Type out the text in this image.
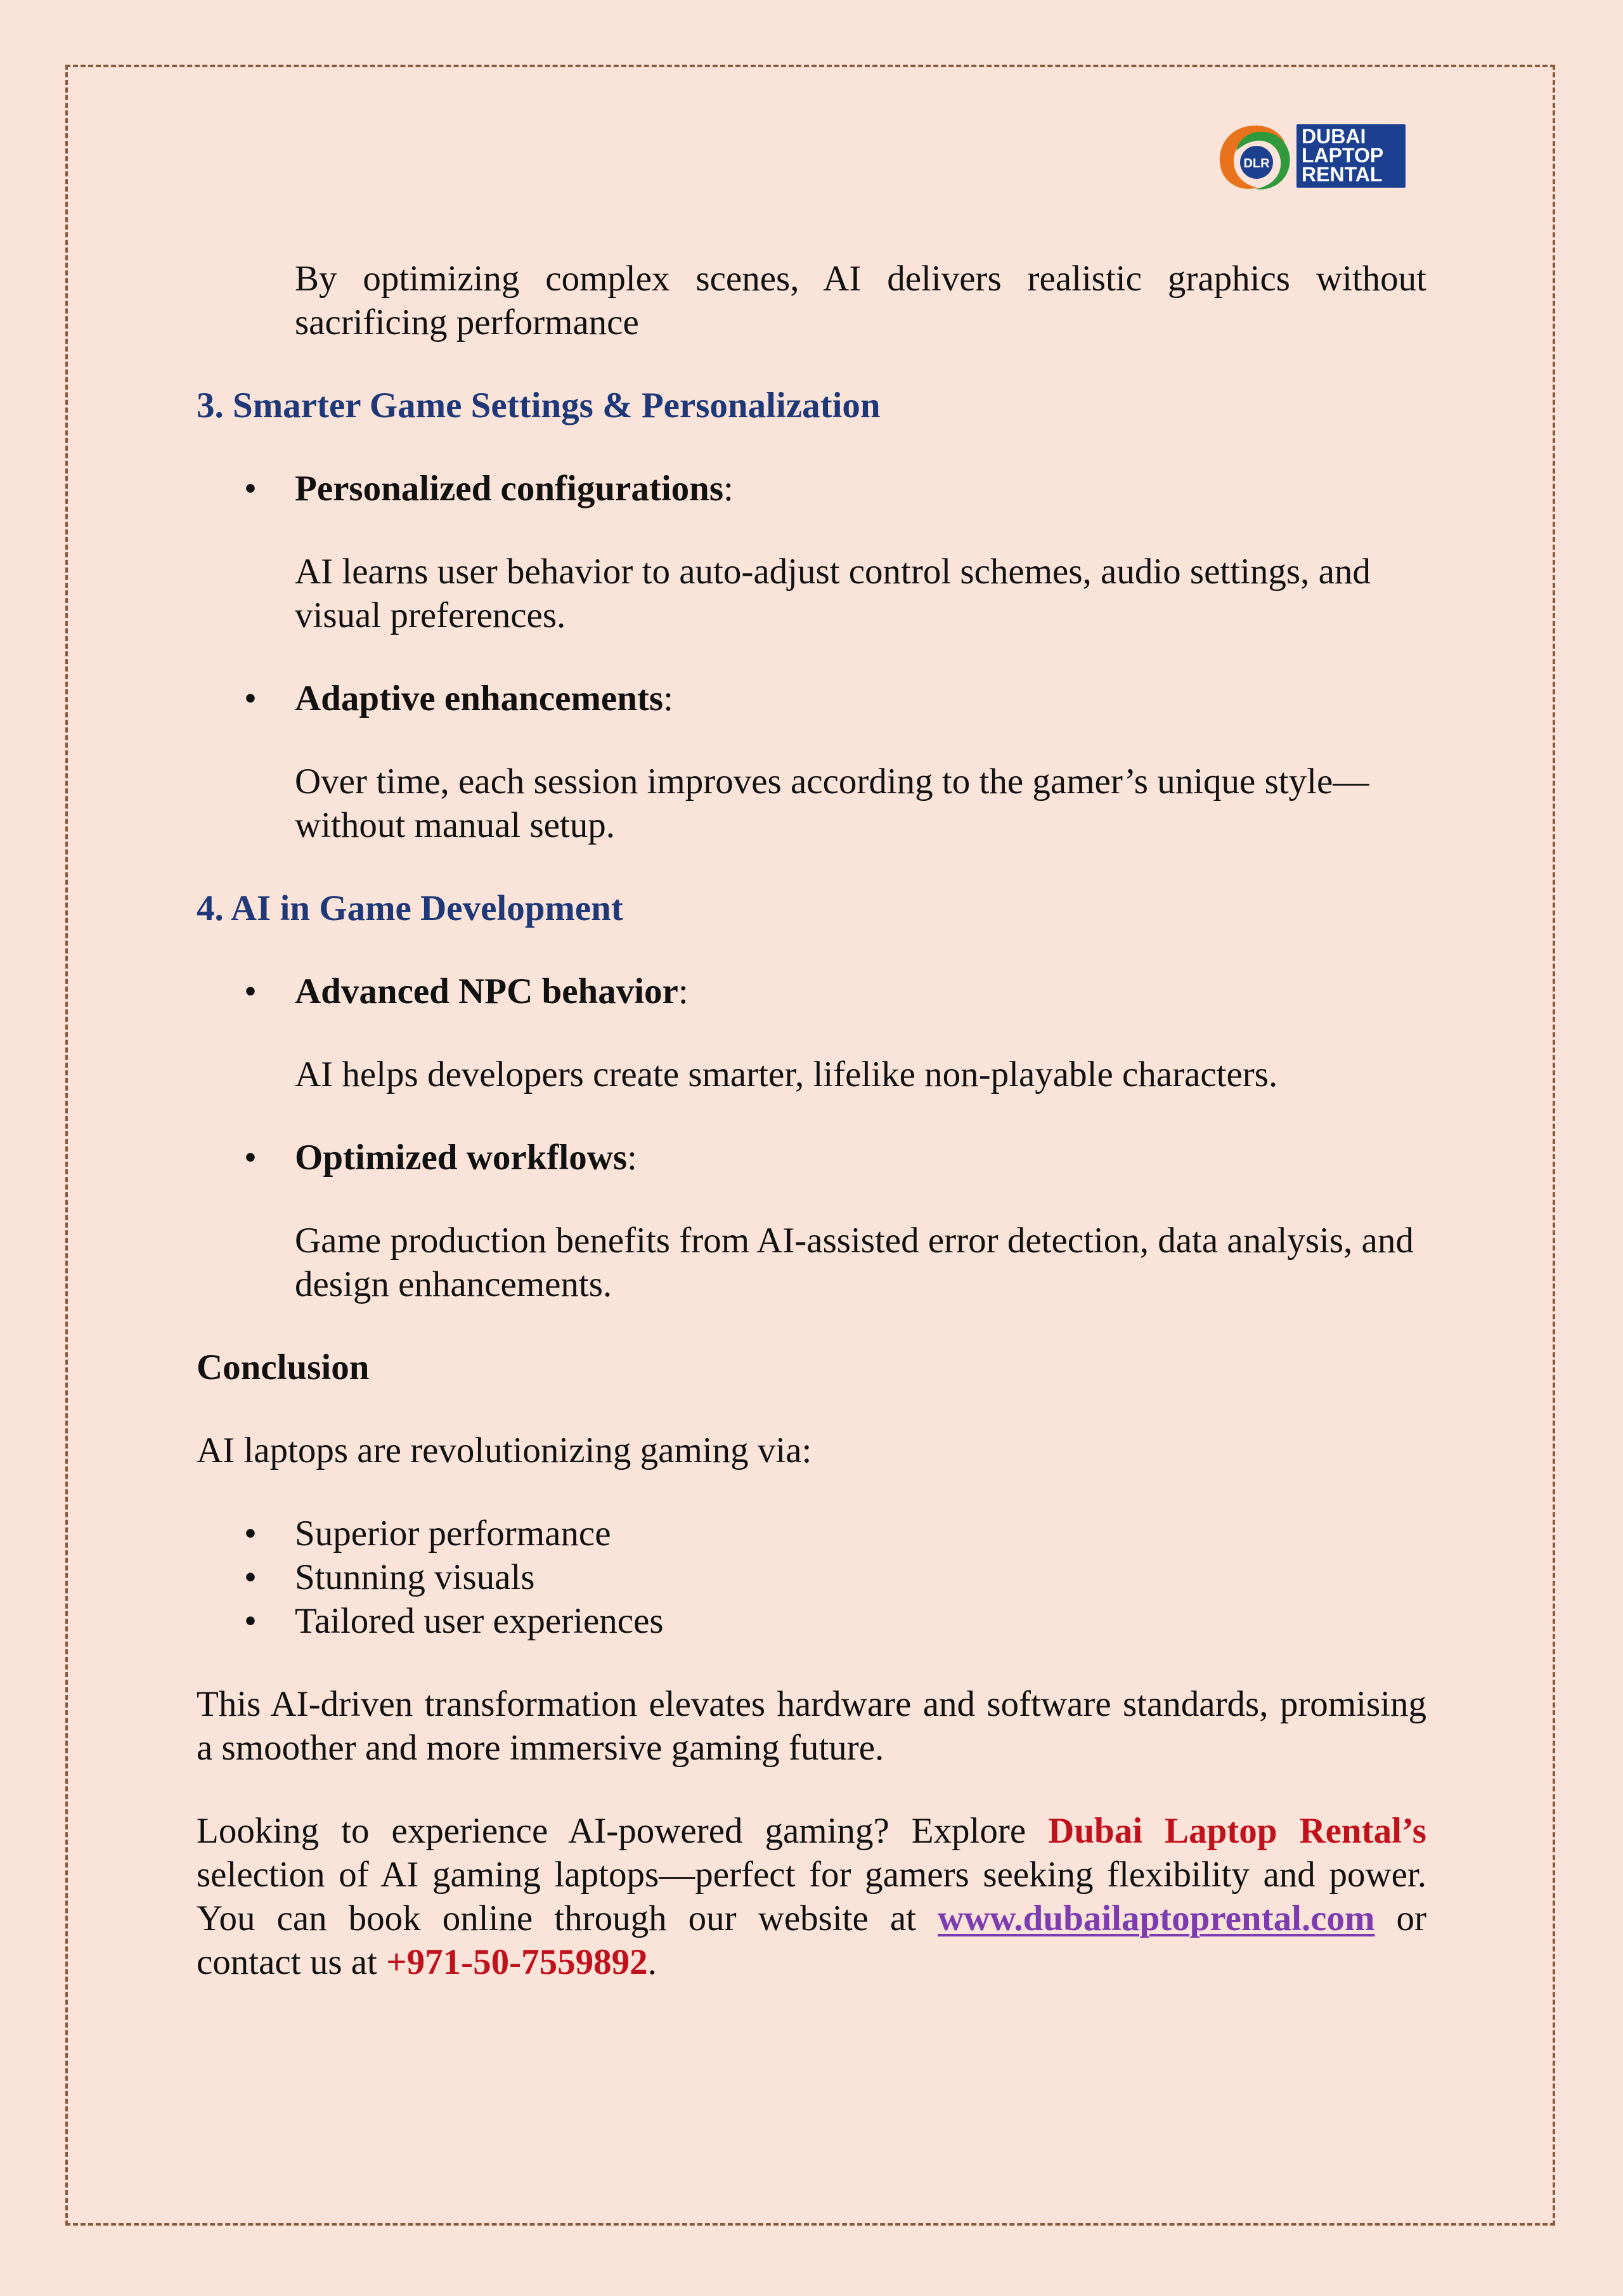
DLR
DUBAI
LAPTOP
RENTAL

By optimizing complex scenes, AI delivers realistic graphics without sacrificing performance

3. Smarter Game Settings & Personalization

• Personalized configurations:

AI learns user behavior to auto-adjust control schemes, audio settings, and visual preferences.

• Adaptive enhancements:

Over time, each session improves according to the gamer’s unique style—without manual setup.

4. AI in Game Development

• Advanced NPC behavior:

AI helps developers create smarter, lifelike non-playable characters.

• Optimized workflows:

Game production benefits from AI-assisted error detection, data analysis, and design enhancements.

Conclusion

AI laptops are revolutionizing gaming via:

• Superior performance
• Stunning visuals
• Tailored user experiences

This AI-driven transformation elevates hardware and software standards, promising a smoother and more immersive gaming future.

Looking to experience AI-powered gaming? Explore Dubai Laptop Rental’s selection of AI gaming laptops—perfect for gamers seeking flexibility and power. You can book online through our website at www.dubailaptoprental.com or contact us at +971-50-7559892.
